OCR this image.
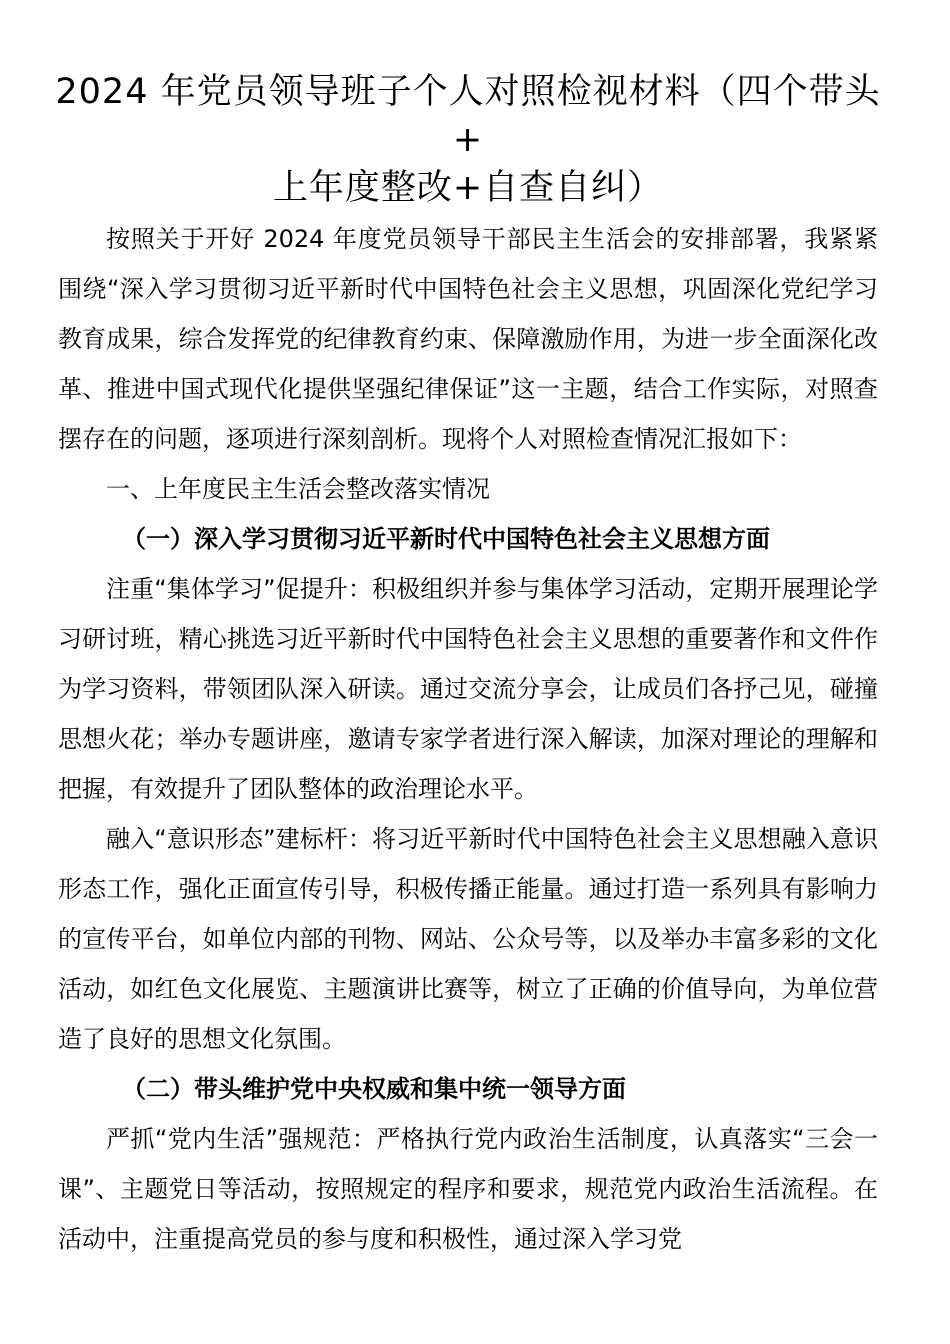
2024 年党员领导班子个人对照检视材料（四个带头+
上年度整改+自查自纠）

按照关于开好 2024 年度党员领导干部民主生活会的安排部署，我紧紧围绕“深入学习贯彻习近平新时代中国特色社会主义思想，巩固深化党纪学习教育成果，综合发挥党的纪律教育约束、保障激励作用，为进一步全面深化改革、推进中国式现代化提供坚强纪律保证”这一主题，结合工作实际，对照查摆存在的问题，逐项进行深刻剖析。现将个人对照检查情况汇报如下：

一、上年度民主生活会整改落实情况

（一）深入学习贯彻习近平新时代中国特色社会主义思想方面

注重“集体学习”促提升：积极组织并参与集体学习活动，定期开展理论学习研讨班，精心挑选习近平新时代中国特色社会主义思想的重要著作和文件作为学习资料，带领团队深入研读。通过交流分享会，让成员们各抒己见，碰撞思想火花；举办专题讲座，邀请专家学者进行深入解读，加深对理论的理解和把握，有效提升了团队整体的政治理论水平。

融入“意识形态”建标杆：将习近平新时代中国特色社会主义思想融入意识形态工作，强化正面宣传引导，积极传播正能量。通过打造一系列具有影响力的宣传平台，如单位内部的刊物、网站、公众号等，以及举办丰富多彩的文化活动，如红色文化展览、主题演讲比赛等，树立了正确的价值导向，为单位营造了良好的思想文化氛围。

（二）带头维护党中央权威和集中统一领导方面

严抓“党内生活”强规范：严格执行党内政治生活制度，认真落实“三会一课”、主题党日等活动，按照规定的程序和要求，规范党内政治生活流程。在活动中，注重提高党员的参与度和积极性，通过深入学习党
